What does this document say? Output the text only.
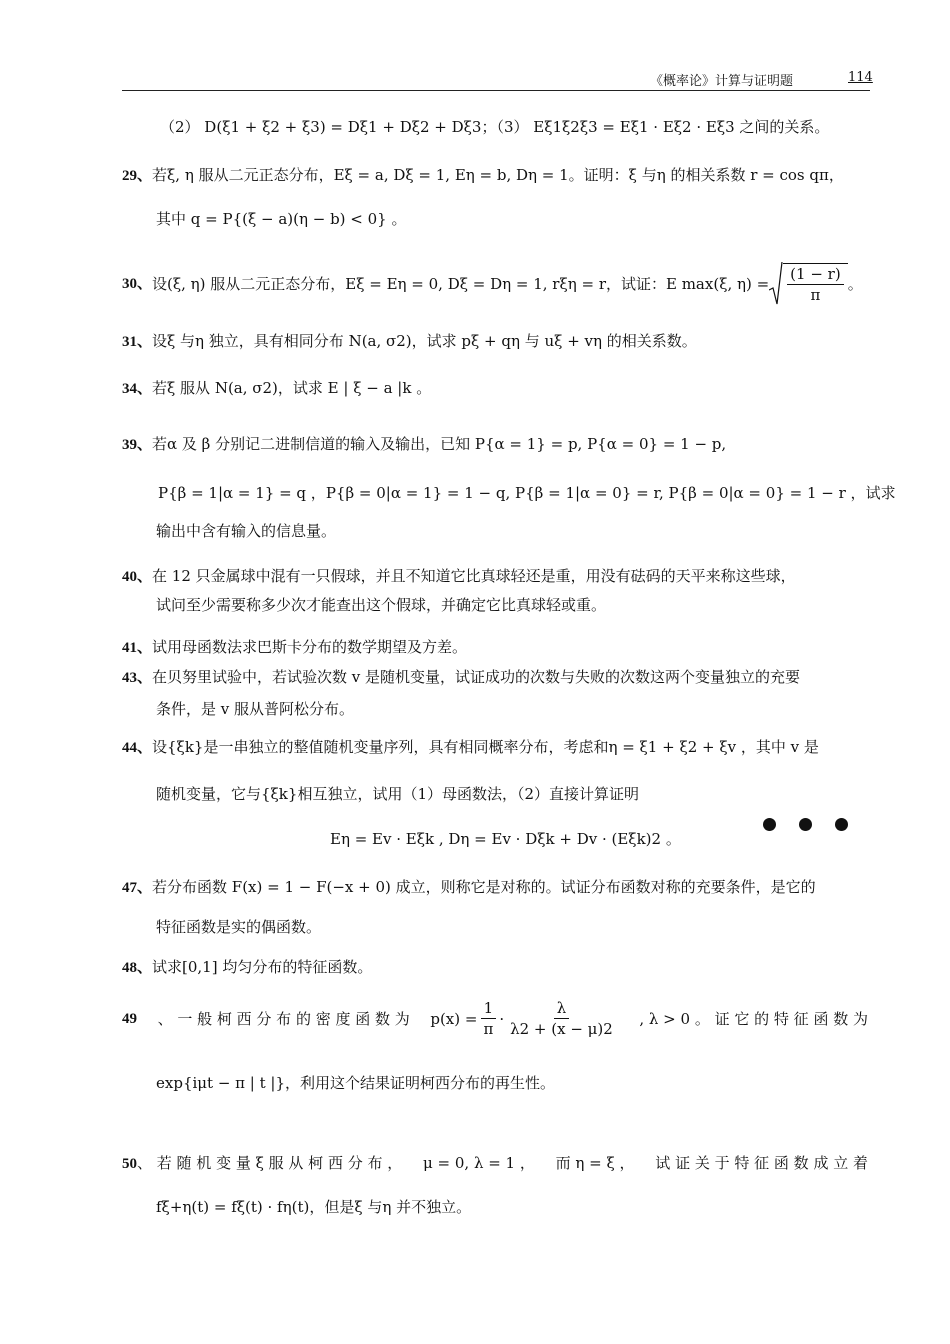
《概率论》计算与证明题	114
（2） D(ξ1 + ξ2 + ξ3) = Dξ1 + Dξ2 + Dξ3；（3） Eξ1ξ2ξ3 = Eξ1 · Eξ2 · Eξ3 之间的关系。
29、若ξ, η 服从二元正态分布，Eξ = a, Dξ = 1, Eη = b, Dη = 1。证明：ξ 与η 的相关系数 r = cos qπ，
其中 q = P{(ξ − a)(η − b) < 0} 。
30、 设(ξ, η) 服从二元正态分布，Eξ = Eη = 0, Dξ = Dη = 1, rξη = r，试证：E max(ξ, $\eta) = \frac{(1 - r)}{\pi}$ 。
31、设ξ 与η 独立，具有相同分布 N(a, σ2)，试求 pξ + qη 与 uξ + vη 的相关系数。
34、若ξ 服从 N(a, σ2)，试求 E | ξ − a |k 。
39、若α 及 β 分别记二进制信道的输入及输出，已知 P{α = 1} = p, P{α = 0} = 1 − p,
P{β = 1|α = 1} = q ， P{β = 0|α = 1} = 1 − q, P{β = 1|α = 0} = r, P{β = 0|α = 0} = 1 − r ， 试求
输出中含有输入的信息量。
40、在 12 只金属球中混有一只假球，并且不知道它比真球轻还是重，用没有砝码的天平来称这些球，
试问至少需要称多少次才能查出这个假球，并确定它比真球轻或重。
41、试用母函数法求巴斯卡分布的数学期望及方差。
43、在贝努里试验中，若试验次数 v 是随机变量，试证成功的次数与失败的次数这两个变量独立的充要
条件，是 v 服从普阿松分布。
44、设{ξk}是一串独立的整值随机变量序列，具有相同概率分布，考虑和η = ξ1 + ξ2 + ξv ，其中 v 是
随机变量，它与{ξk}相互独立，试用（1）母函数法，（2）直接计算证明
Eη = Ev · Eξk , Dη = Ev · Dξk + Dv · (Eξk)2 。
47、若分布函数 F(x) = 1 − F(−x + 0) 成立，则称它是对称的。试证分布函数对称的充要条件，是它的
特征函数是实的偶函数。
48、试求[0,1] 均匀分布的特征函数。
49 、 一 般 柯 西 分 布 的 密 度 函 数 为 $p(x) = \frac{1}{\pi} \cdot \frac{\lambda}{\lambda 2 + (x - \mu)2}$ , λ > 0 。 证 它 的 特 征 函 数 为
exp{iμt − π | t |}，利用这个结果证明柯西分布的再生性。
50、 若 随 机 变 量 ξ 服 从 柯 西 分 布 ， μ = 0, λ = 1 ， 而 η = ξ ， 试 证 关 于 特 征 函 数 成 立 着
fξ+η(t) = fξ(t) · fη(t)，但是ξ 与η 并不独立。
